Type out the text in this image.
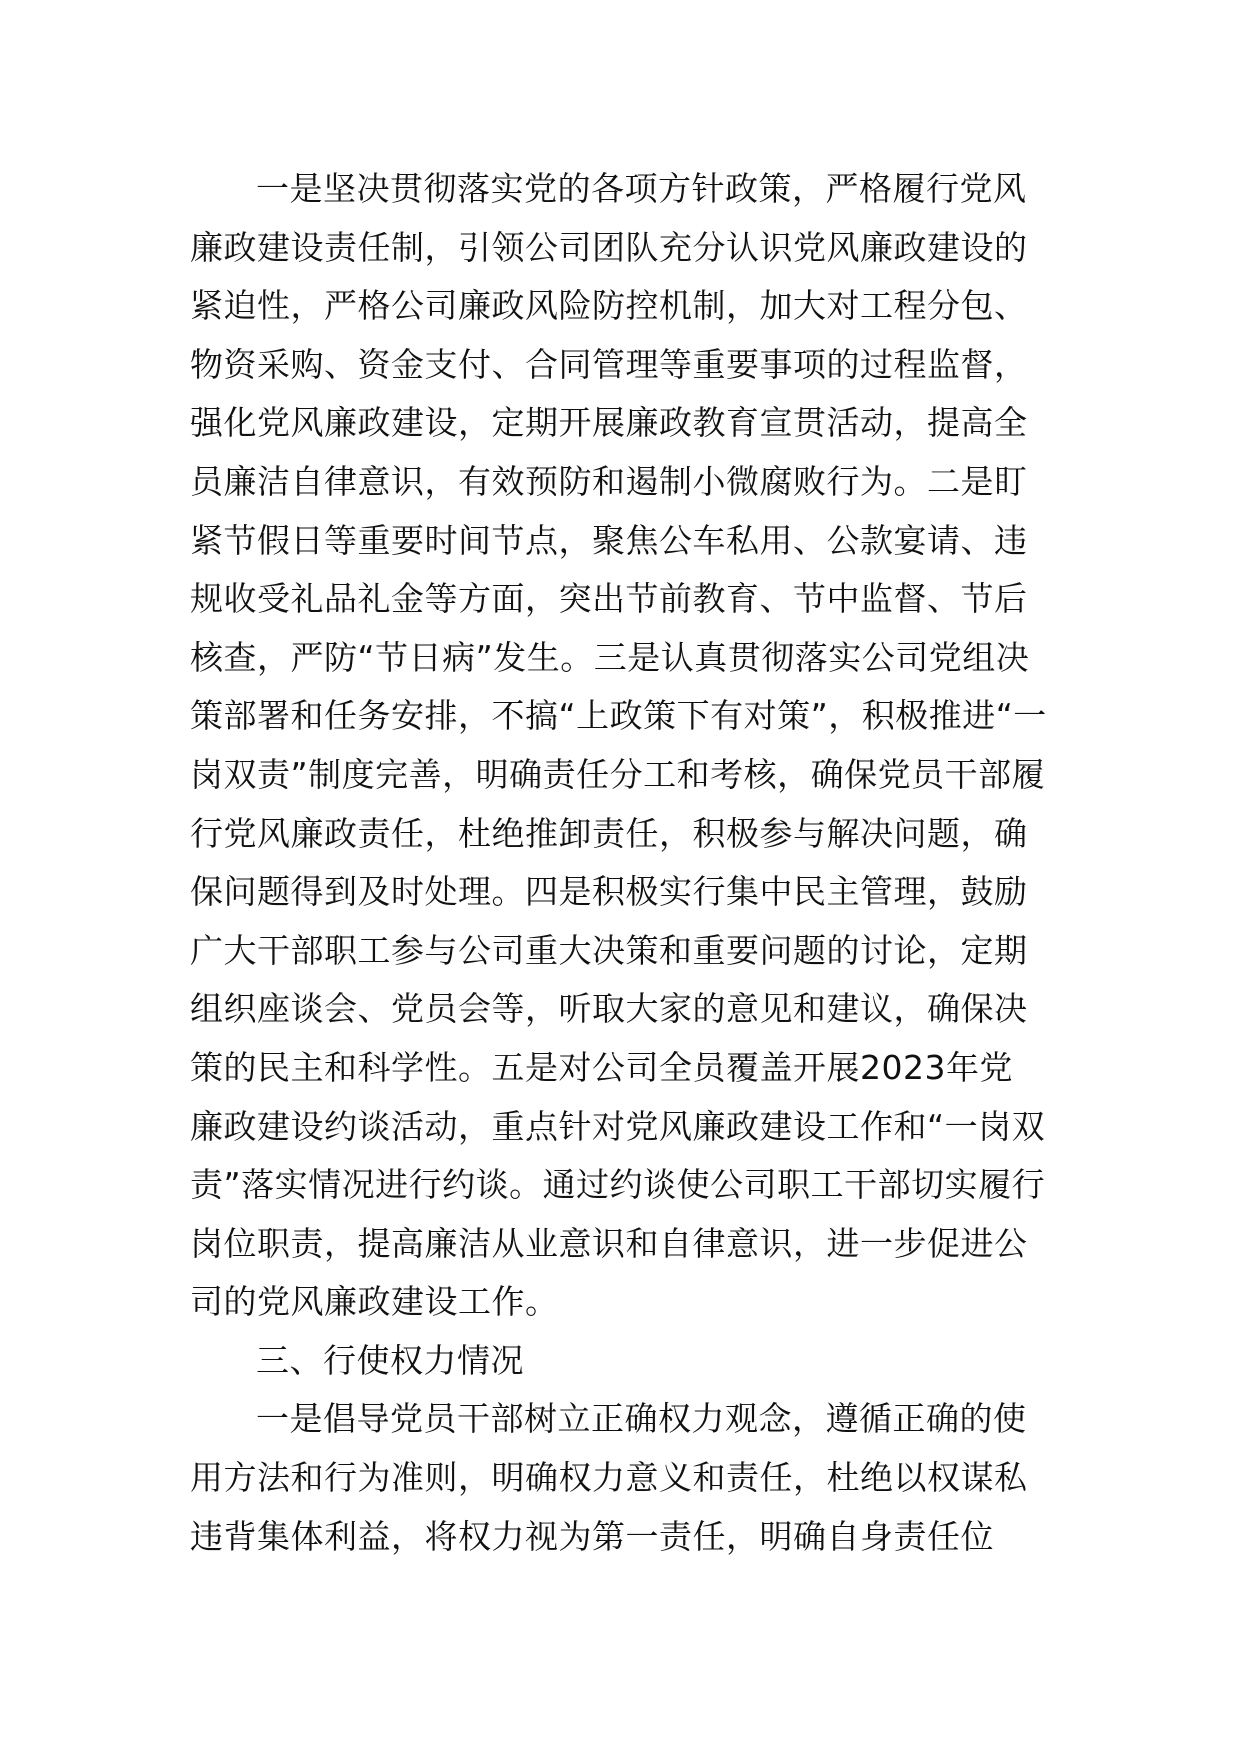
一是坚决贯彻落实党的各项方针政策，严格履行党风
廉政建设责任制，引领公司团队充分认识党风廉政建设的
紧迫性，严格公司廉政风险防控机制，加大对工程分包、
物资采购、资金支付、合同管理等重要事项的过程监督，
强化党风廉政建设，定期开展廉政教育宣贯活动，提高全
员廉洁自律意识，有效预防和遏制小微腐败行为。二是盯
紧节假日等重要时间节点，聚焦公车私用、公款宴请、违
规收受礼品礼金等方面，突出节前教育、节中监督、节后
核查，严防“节日病”发生。三是认真贯彻落实公司党组决
策部署和任务安排，不搞“上政策下有对策”，积极推进“一
岗双责”制度完善，明确责任分工和考核，确保党员干部履
行党风廉政责任，杜绝推卸责任，积极参与解决问题，确
保问题得到及时处理。四是积极实行集中民主管理，鼓励
广大干部职工参与公司重大决策和重要问题的讨论，定期
组织座谈会、党员会等，听取大家的意见和建议，确保决
策的民主和科学性。五是对公司全员覆盖开展2023年党
廉政建设约谈活动，重点针对党风廉政建设工作和“一岗双
责”落实情况进行约谈。通过约谈使公司职工干部切实履行
岗位职责，提高廉洁从业意识和自律意识，进一步促进公
司的党风廉政建设工作。
三、行使权力情况
一是倡导党员干部树立正确权力观念，遵循正确的使
用方法和行为准则，明确权力意义和责任，杜绝以权谋私
违背集体利益，将权力视为第一责任，明确自身责任位
